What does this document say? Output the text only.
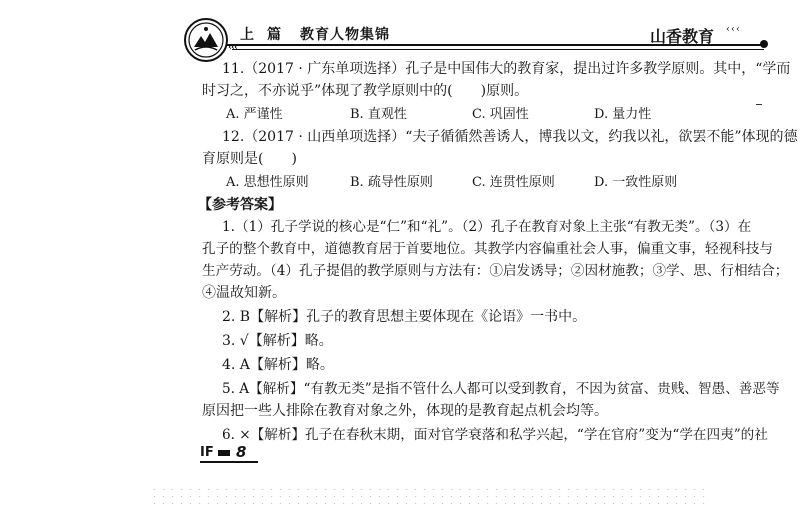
上 篇 教育人物集锦	山香教育 ‹‹‹
‹‹‹
11.（2017 · 广东单项选择）孔子是中国伟大的教育家，提出过许多教学原则。其中，“学而
时习之，不亦说乎”体现了教学原则中的(　　)原则。
A. 严谨性	B. 直观性	C. 巩固性	D. 量力性
12.（2017 · 山西单项选择）“夫子循循然善诱人，博我以文，约我以礼，欲罢不能”体现的德
育原则是(　　)
A. 思想性原则	B. 疏导性原则	C. 连贯性原则	D. 一致性原则
【参考答案】
1.（1）孔子学说的核心是“仁”和“礼”。（2）孔子在教育对象上主张“有教无类”。（3）在
孔子的整个教育中，道德教育居于首要地位。其教学内容偏重社会人事，偏重文事，轻视科技与
生产劳动。（4）孔子提倡的教学原则与方法有：①启发诱导；②因材施教；③学、思、行相结合；
④温故知新。
2. B【解析】孔子的教育思想主要体现在《论语》一书中。
3. √【解析】略。
4. A【解析】略。
5. A【解析】“有教无类”是指不管什么人都可以受到教育，不因为贫富、贵贱、智愚、善恶等
原因把一些人排除在教育对象之外，体现的是教育起点机会均等。
6. ×【解析】孔子在春秋末期，面对官学衰落和私学兴起，“学在官府”变为“学在四夷”的社
IF 8
